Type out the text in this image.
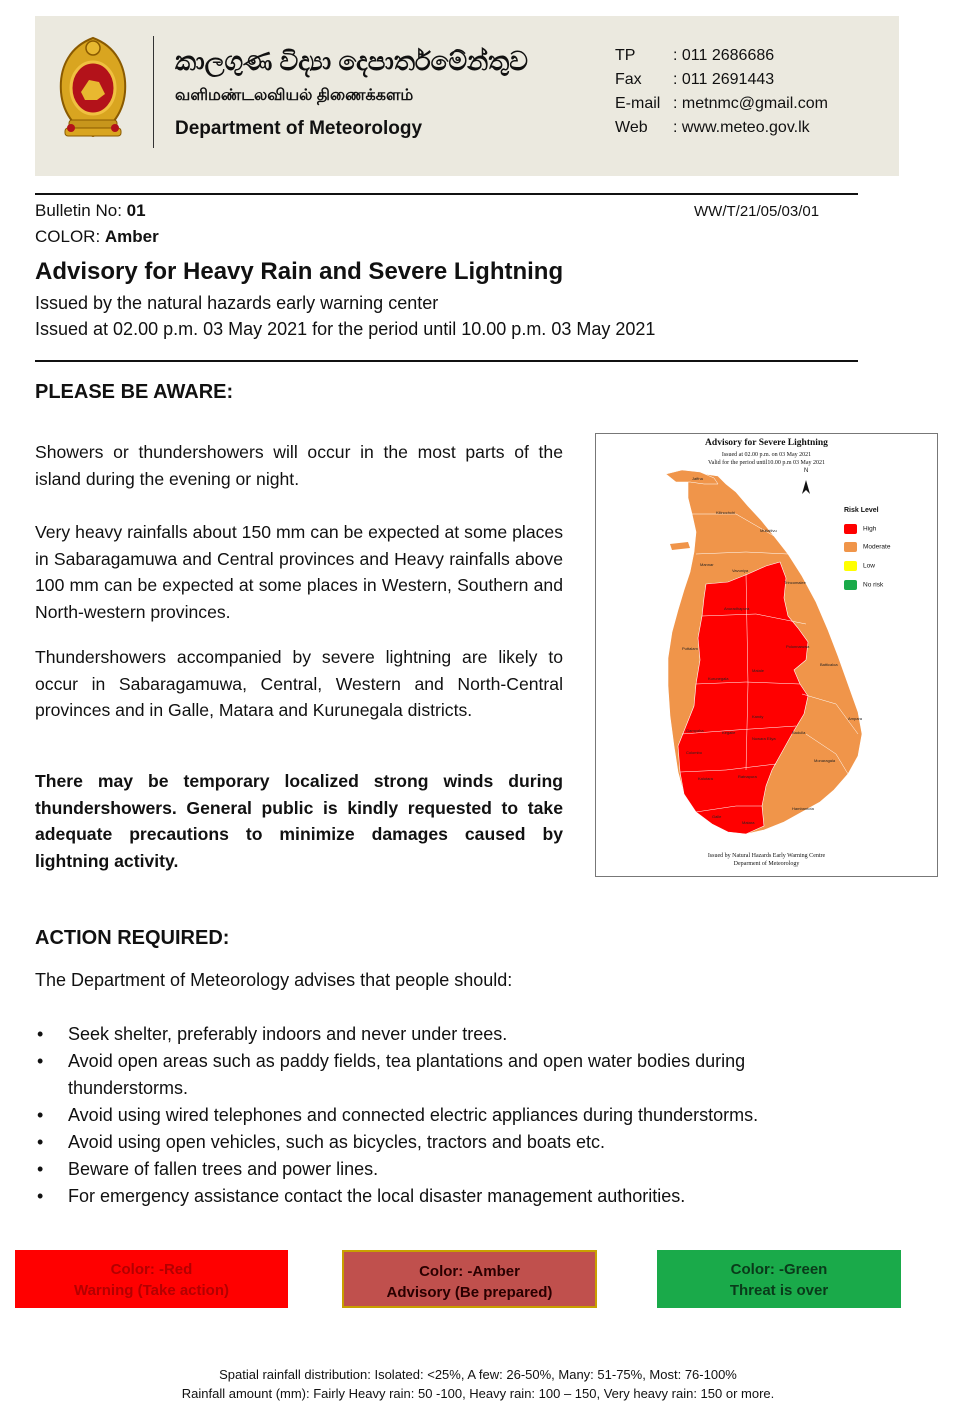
කාලගුණ විද්‍යා දෙපාර්තමේන්තුව
வளிமண்டலவியல் திணைக்களம்
Department of Meteorology
TP : 011 2686686
Fax : 011 2691443
E-mail : metnmc@gmail.com
Web : www.meteo.gov.lk
Bulletin No: 01
COLOR: Amber
WW/T/21/05/03/01
Advisory for Heavy Rain and Severe Lightning
Issued by the natural hazards early warning center
Issued at 02.00 p.m. 03 May 2021 for the period until 10.00 p.m. 03 May 2021
PLEASE BE AWARE:
Showers or thundershowers will occur in the most parts of the island during the evening or night.
Very heavy rainfalls about 150 mm can be expected at some places in Sabaragamuwa and Central provinces and Heavy rainfalls above 100 mm can be expected at some places in Western, Southern and North-western provinces.
Thundershowers accompanied by severe lightning are likely to occur in Sabaragamuwa, Central, Western and North-Central provinces and in Galle, Matara and Kurunegala districts.
There may be temporary localized strong winds during thundershowers. General public is kindly requested to take adequate precautions to minimize damages caused by lightning activity.
Advisory for Severe Lightning
Issued at 02.00 p.m. on 03 May 2021
Valid for the period until10.00 p.m 03 May 2021
N
Risk Level
High
Moderate
Low
No risk
Jaffna
Kilinochchi
Mannar
Mullaitivu
Vavuniya
Trincomalee
Anuradhapura
Puttalam	Polonnaruwa
Batticaloa
Kurunegala
Matale
Ampara
Kandy
Gampaha	Kegalle
Nuwara Eliya
Badulla
Colombo
Monaragala
Kalutara	Ratnapura
Hambantota
Galle
Matara
Issued by Natural Hazards Early Warning Centre
Deparment of Meteorology
ACTION REQUIRED:
The Department of Meteorology advises that people should:
• Seek shelter, preferably indoors and never under trees.
• Avoid open areas such as paddy fields, tea plantations and open water bodies during thunderstorms.
• Avoid using wired telephones and connected electric appliances during thunderstorms.
• Avoid using open vehicles, such as bicycles, tractors and boats etc.
• Beware of fallen trees and power lines.
• For emergency assistance contact the local disaster management authorities.
Color: -Red
Warning (Take action)
Color: -Amber
Advisory (Be prepared)
Color: -Green
Threat is over
Spatial rainfall distribution: Isolated: <25%, A few: 26-50%, Many: 51-75%, Most: 76-100%
Rainfall amount (mm): Fairly Heavy rain: 50 -100, Heavy rain: 100 – 150, Very heavy rain: 150 or more.
